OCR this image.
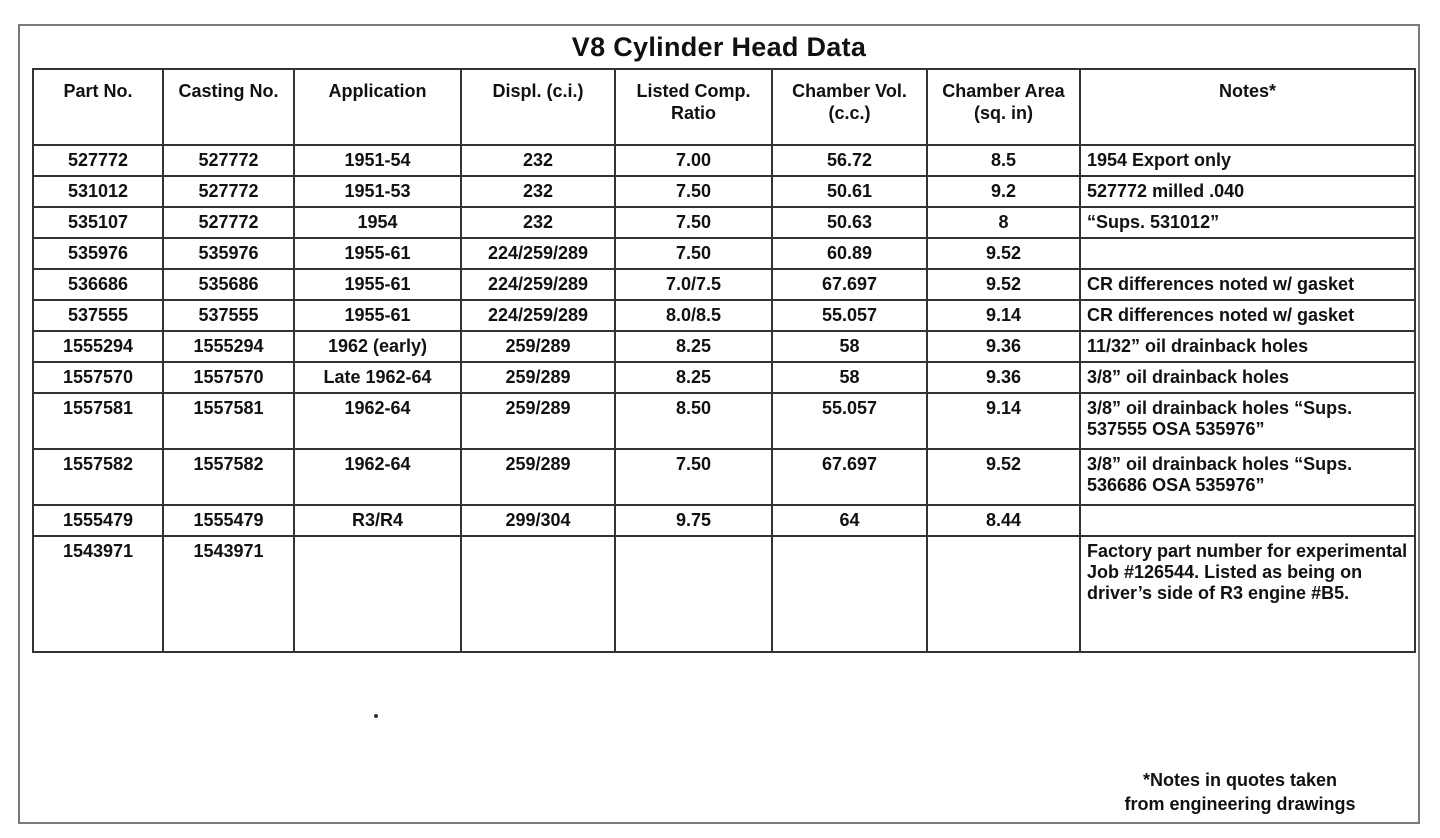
V8 Cylinder Head Data
Part No.	Casting No.	Application	Displ. (c.i.)	Listed Comp. Ratio	Chamber Vol. (c.c.)	Chamber Area (sq. in)	Notes*
527772	527772	1951-54	232	7.00	56.72	8.5	1954 Export only
531012	527772	1951-53	232	7.50	50.61	9.2	527772 milled .040
535107	527772	1954	232	7.50	50.63	8	“Sups. 531012”
535976	535976	1955-61	224/259/289	7.50	60.89	9.52	
536686	535686	1955-61	224/259/289	7.0/7.5	67.697	9.52	CR differences noted w/ gasket
537555	537555	1955-61	224/259/289	8.0/8.5	55.057	9.14	CR differences noted w/ gasket
1555294	1555294	1962 (early)	259/289	8.25	58	9.36	11/32” oil drainback holes
1557570	1557570	Late 1962-64	259/289	8.25	58	9.36	3/8” oil drainback holes
1557581	1557581	1962-64	259/289	8.50	55.057	9.14	3/8” oil drainback holes “Sups. 537555 OSA 535976”
1557582	1557582	1962-64	259/289	7.50	67.697	9.52	3/8” oil drainback holes “Sups. 536686 OSA 535976”
1555479	1555479	R3/R4	299/304	9.75	64	8.44	
1543971	1543971						Factory part number for experimental Job #126544. Listed as being on driver’s side of R3 engine #B5.
*Notes in quotes taken
from engineering drawings
